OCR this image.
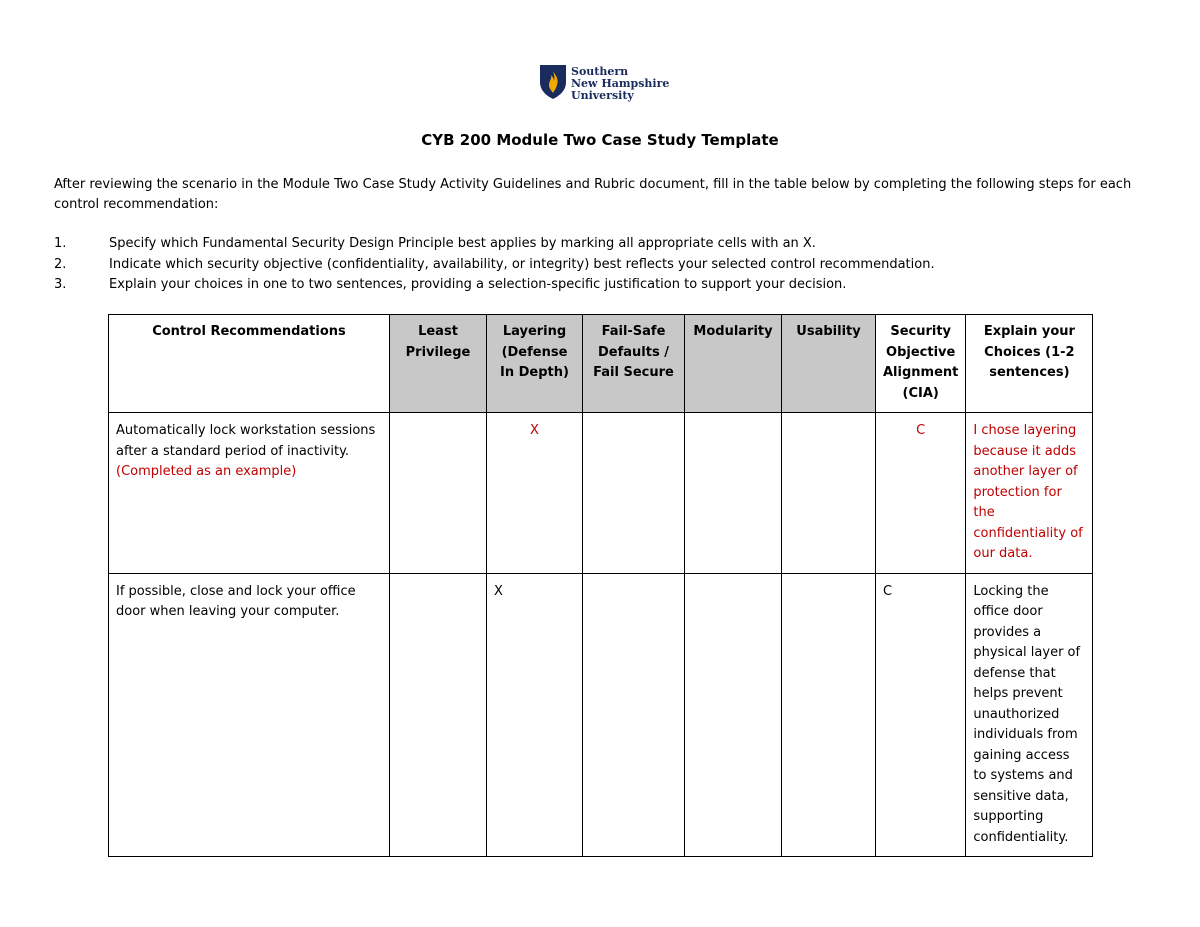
Southern
New Hampshire
University
CYB 200 Module Two Case Study Template

After reviewing the scenario in the Module Two Case Study Activity Guidelines and Rubric document, fill in the table below by completing the following steps for each control recommendation:

1.	Specify which Fundamental Security Design Principle best applies by marking all appropriate cells with an X.
2.	Indicate which security objective (confidentiality, availability, or integrity) best reflects your selected control recommendation.
3.	Explain your choices in one to two sentences, providing a selection-specific justification to support your decision.
Control Recommendations	Least Privilege	Layering (Defense In Depth)	Fail-Safe Defaults / Fail Secure	Modularity	Usability	Security Objective Alignment (CIA)	Explain your Choices (1-2 sentences)
Automatically lock workstation sessions after a standard period of inactivity. (Completed as an example)		X				C	I chose layering because it adds another layer of protection for the confidentiality of our data.
If possible, close and lock your office door when leaving your computer.		X				C	Locking the office door provides a physical layer of defense that helps prevent unauthorized individuals from gaining access to systems and sensitive data, supporting confidentiality.
